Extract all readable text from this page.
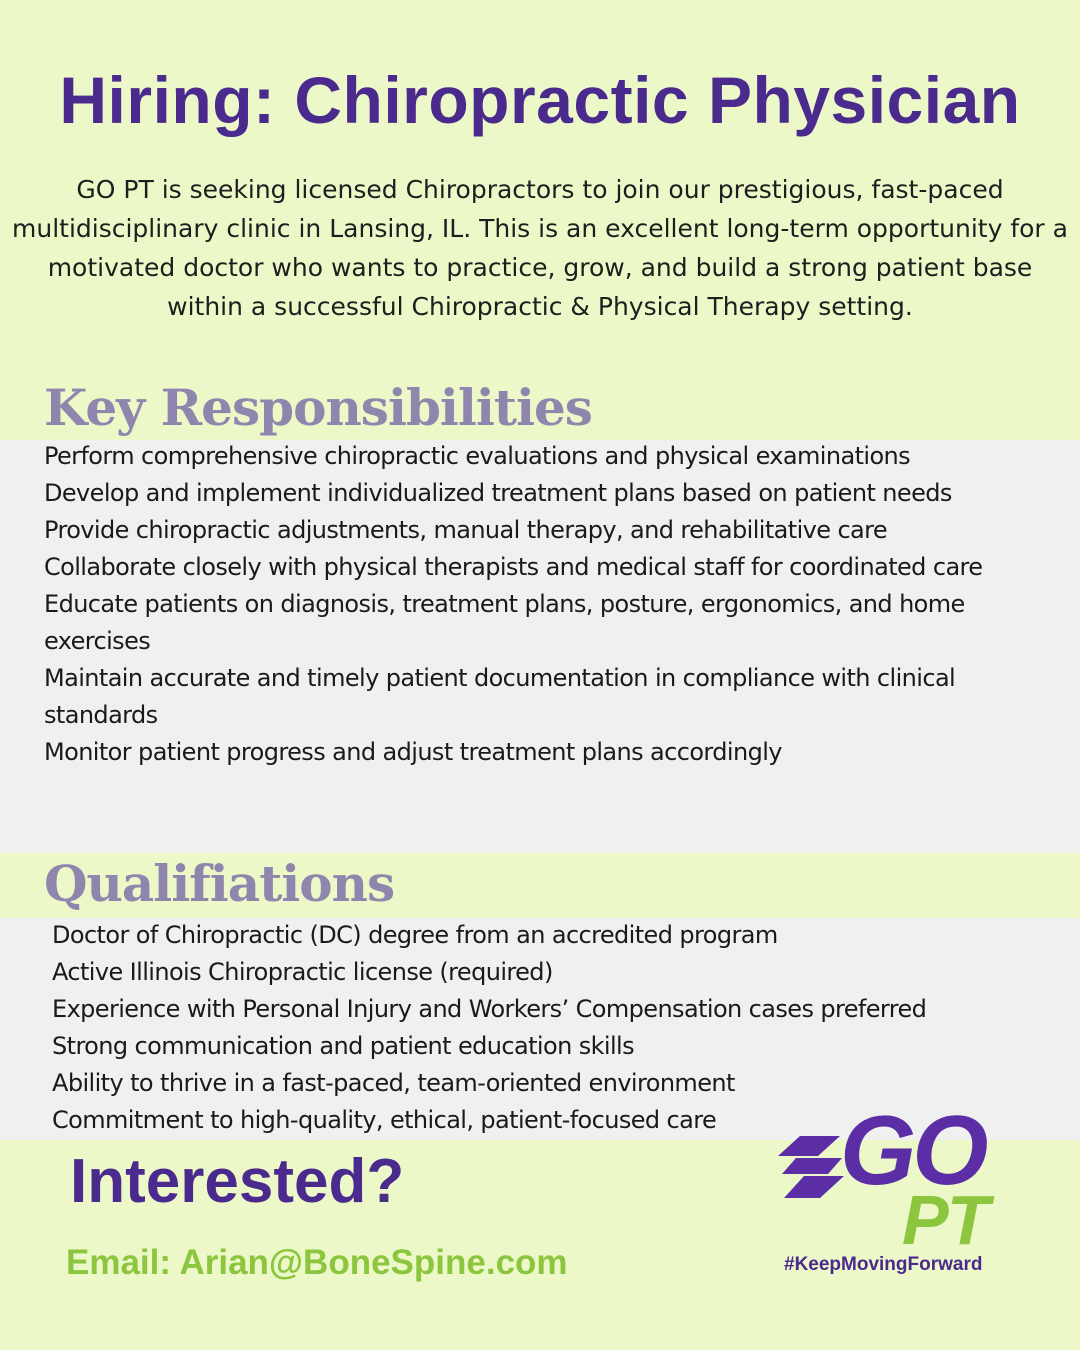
Hiring: Chiropractic Physician

GO PT is seeking licensed Chiropractors to join our prestigious, fast-paced multidisciplinary clinic in Lansing, IL. This is an excellent long-term opportunity for a motivated doctor who wants to practice, grow, and build a strong patient base within a successful Chiropractic & Physical Therapy setting.

Key Responsibilities
Perform comprehensive chiropractic evaluations and physical examinations
Develop and implement individualized treatment plans based on patient needs
Provide chiropractic adjustments, manual therapy, and rehabilitative care
Collaborate closely with physical therapists and medical staff for coordinated care
Educate patients on diagnosis, treatment plans, posture, ergonomics, and home exercises
Maintain accurate and timely patient documentation in compliance with clinical standards
Monitor patient progress and adjust treatment plans accordingly
Qualifiations
Doctor of Chiropractic (DC) degree from an accredited program
Active Illinois Chiropractic license (required)
Experience with Personal Injury and Workers’ Compensation cases preferred
Strong communication and patient education skills
Ability to thrive in a fast-paced, team-oriented environment
Commitment to high-quality, ethical, patient-focused care
Interested?

Email: Arian@BoneSpine.com

GO

PT

#KeepMovingForward
